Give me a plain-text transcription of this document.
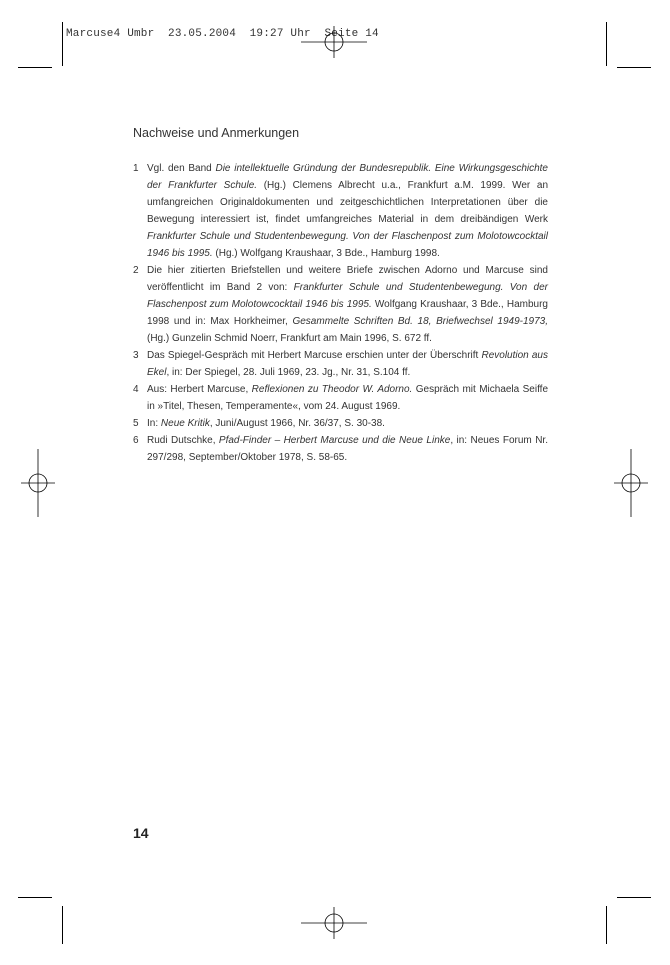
Marcuse4 Umbr  23.05.2004  19:27 Uhr  Seite 14
Nachweise und Anmerkungen
1 Vgl. den Band Die intellektuelle Gründung der Bundesrepublik. Eine Wirkungsgeschichte der Frankfurter Schule. (Hg.) Clemens Albrecht u.a., Frankfurt a.M. 1999. Wer an umfangreichen Originaldokumenten und zeitgeschichtlichen Interpretationen über die Bewegung interessiert ist, findet umfangreiches Material in dem dreibändigen Werk Frankfurter Schule und Studentenbewegung. Von der Flaschenpost zum Molotowcocktail 1946 bis 1995. (Hg.) Wolfgang Kraushaar, 3 Bde., Hamburg 1998.
2 Die hier zitierten Briefstellen und weitere Briefe zwischen Adorno und Marcuse sind veröffentlicht im Band 2 von: Frankfurter Schule und Studentenbewegung. Von der Flaschenpost zum Molotowcocktail 1946 bis 1995. Wolfgang Kraushaar, 3 Bde., Hamburg 1998 und in: Max Horkheimer, Gesammelte Schriften Bd. 18, Briefwechsel 1949-1973, (Hg.) Gunzelin Schmid Noerr, Frankfurt am Main 1996, S. 672 ff.
3 Das Spiegel-Gespräch mit Herbert Marcuse erschien unter der Überschrift Revolution aus Ekel, in: Der Spiegel, 28. Juli 1969, 23. Jg., Nr. 31, S.104 ff.
4 Aus: Herbert Marcuse, Reflexionen zu Theodor W. Adorno. Gespräch mit Michaela Seiffe in »Titel, Thesen, Temperamente«, vom 24. August 1969.
5 In: Neue Kritik, Juni/August 1966, Nr. 36/37, S. 30-38.
6 Rudi Dutschke, Pfad-Finder – Herbert Marcuse und die Neue Linke, in: Neues Forum Nr. 297/298, September/Oktober 1978, S. 58-65.
14
